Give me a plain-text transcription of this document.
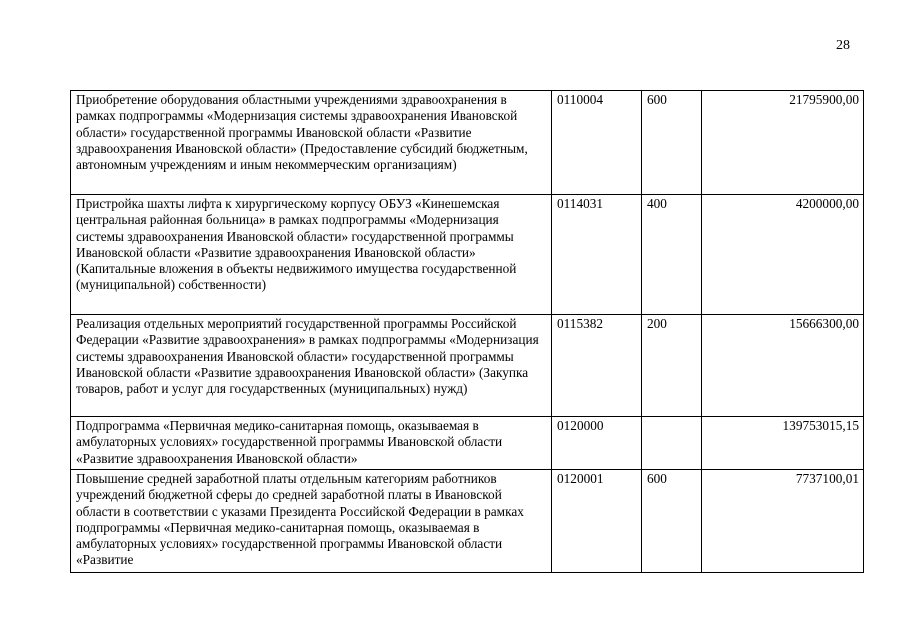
28
Приобретение оборудования областными учреждениями здравоохранения в рамках подпрограммы «Модернизация системы здравоохранения Ивановской области» государственной программы Ивановской области «Развитие здравоохранения Ивановской области» (Предоставление субсидий бюджетным, автономным учреждениям и иным некоммерческим организациям)	0110004	600	21795900,00
Пристройка шахты лифта к хирургическому корпусу ОБУЗ «Кинешемская центральная районная больница» в рамках подпрограммы «Модернизация системы здравоохранения Ивановской области» государственной программы Ивановской области «Развитие здравоохранения Ивановской области» (Капитальные вложения в объекты недвижимого имущества государственной (муниципальной) собственности)	0114031	400	4200000,00
Реализация отдельных мероприятий государственной программы Российской Федерации «Развитие здравоохранения» в рамках подпрограммы «Модернизация системы здравоохранения Ивановской области» государственной программы Ивановской области «Развитие здравоохранения Ивановской области» (Закупка товаров, работ и услуг для государственных (муниципальных) нужд)	0115382	200	15666300,00
Подпрограмма «Первичная медико-санитарная помощь, оказываемая в амбулаторных условиях» государственной программы Ивановской области «Развитие здравоохранения Ивановской области»	0120000		139753015,15
Повышение средней заработной платы отдельным категориям работников учреждений бюджетной сферы до средней заработной платы в Ивановской области в соответствии с указами Президента Российской Федерации в рамках подпрограммы «Первичная медико-санитарная помощь, оказываемая в амбулаторных условиях» государственной программы Ивановской области «Развитие	0120001	600	7737100,01
